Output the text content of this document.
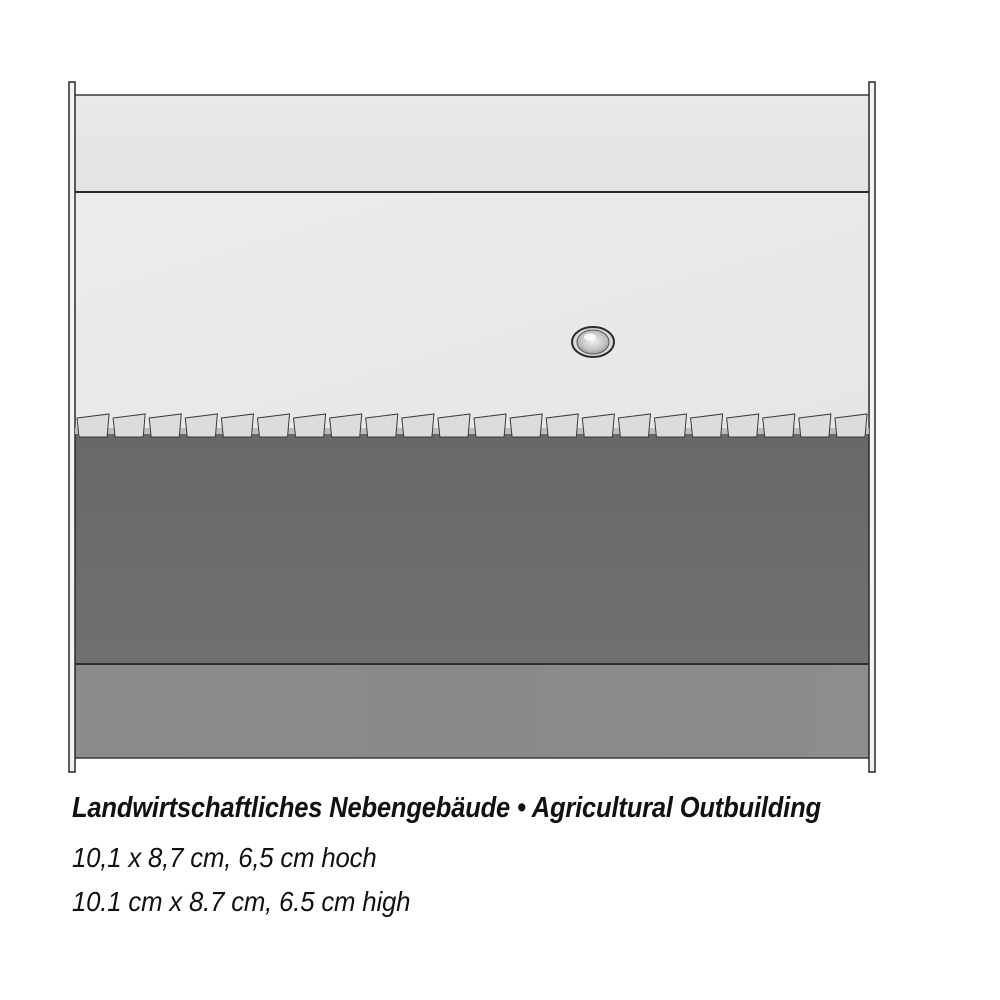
Landwirtschaftliches Nebengebäude • Agricultural Outbuilding
10,1 x 8,7 cm, 6,5 cm hoch
10.1 cm x 8.7 cm, 6.5 cm high
